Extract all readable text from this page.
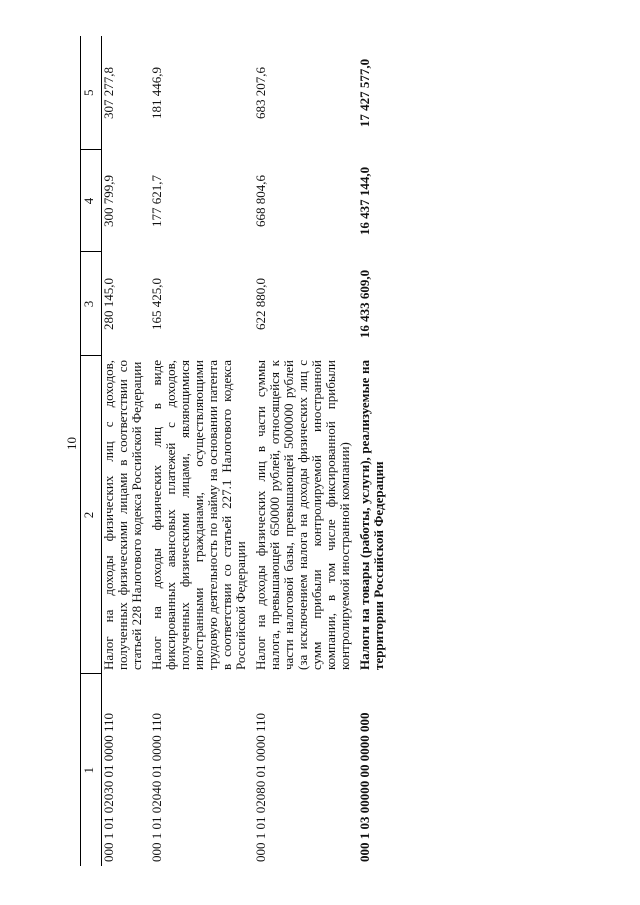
10
1	2	3	4	5
000 1 01 02030 01 0000 110	Налог на доходы физических лиц с доходов, полученных физическими лицами в соответствии со статьей 228 Налогового кодекса Российской Федерации	280 145,0	300 799,9	307 277,8
000 1 01 02040 01 0000 110	Налог на доходы физических лиц в виде фиксированных авансовых платежей с доходов, полученных физическими лицами, являющимися иностранными гражданами, осуществляющими трудовую деятельность по найму на основании патента в соответствии со статьей 227.1 Налогового кодекса Российской Федерации	165 425,0	177 621,7	181 446,9
000 1 01 02080 01 0000 110	Налог на доходы физических лиц в части суммы налога, превышающей 650000 рублей, относящейся к части налоговой базы, превышающей 5000000 рублей (за исключением налога на доходы физических лиц с сумм прибыли контролируемой иностранной компании, в том числе фиксированной прибыли контролируемой иностранной компании)	622 880,0	668 804,6	683 207,6
000 1 03 00000 00 0000 000	Налоги на товары (работы, услуги), реализуемые на территории Российской Федерации	16 433 609,0	16 437 144,0	17 427 577,0
